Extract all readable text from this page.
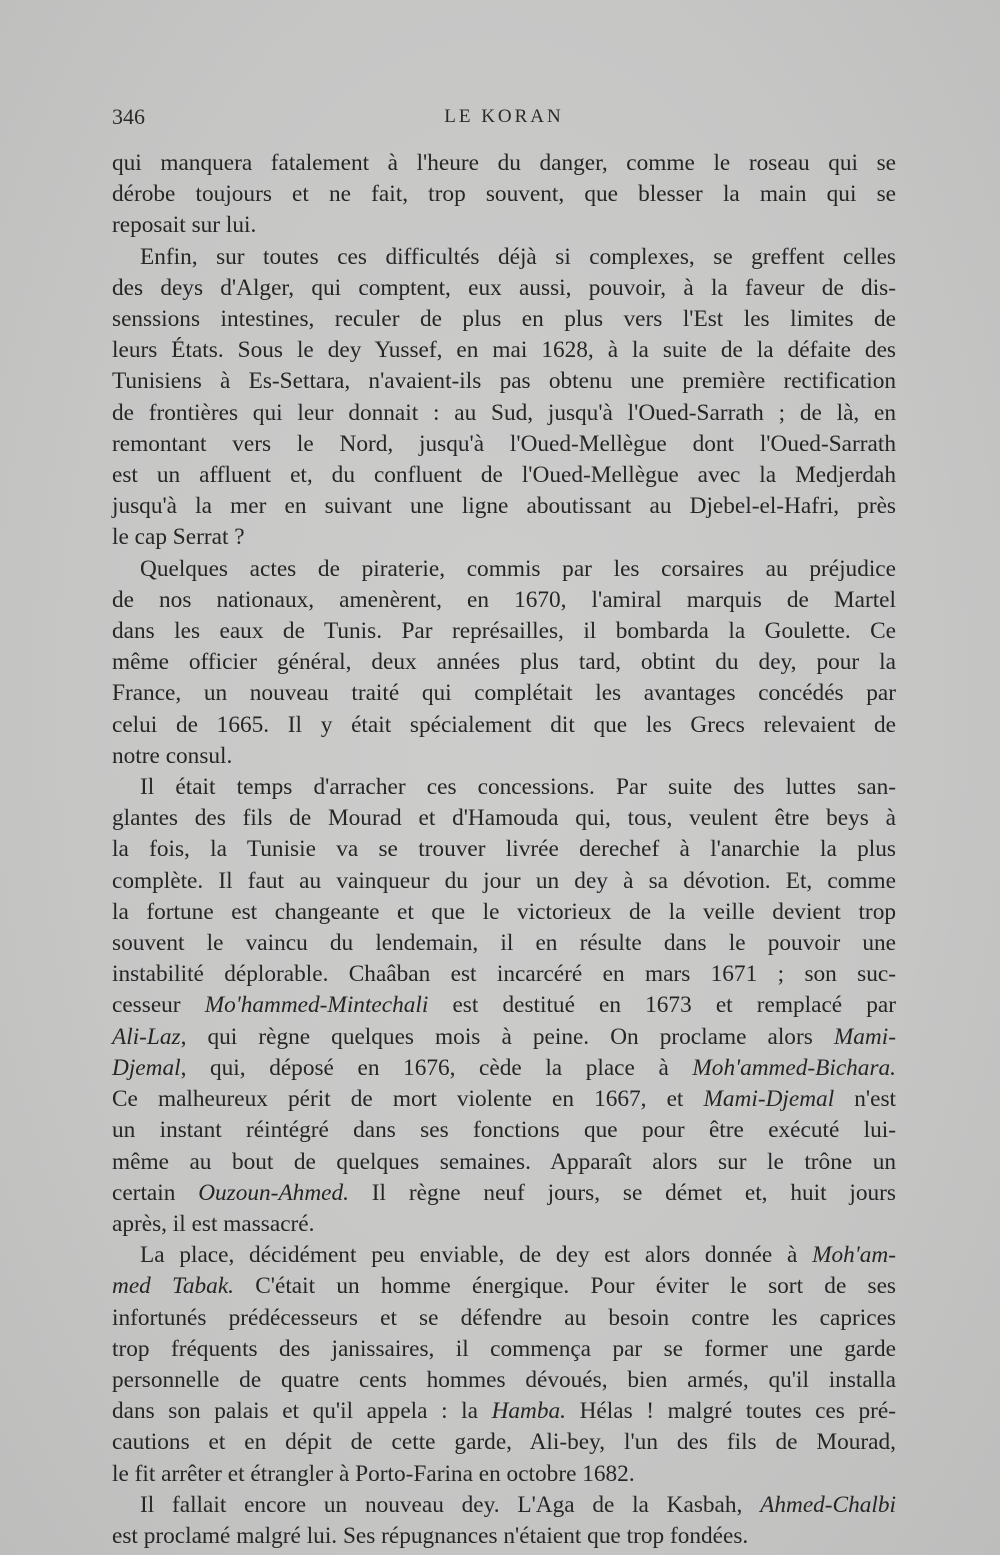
346	LE KORAN
qui manquera fatalement à l'heure du danger, comme le roseau qui se
dérobe toujours et ne fait, trop souvent, que blesser la main qui se
reposait sur lui.
Enfin, sur toutes ces difficultés déjà si complexes, se greffent celles
des deys d'Alger, qui comptent, eux aussi, pouvoir, à la faveur de dis-
senssions intestines, reculer de plus en plus vers l'Est les limites de
leurs États. Sous le dey Yussef, en mai 1628, à la suite de la défaite des
Tunisiens à Es-Settara, n'avaient-ils pas obtenu une première rectification
de frontières qui leur donnait : au Sud, jusqu'à l'Oued-Sarrath ; de là, en
remontant vers le Nord, jusqu'à l'Oued-Mellègue dont l'Oued-Sarrath
est un affluent et, du confluent de l'Oued-Mellègue avec la Medjerdah
jusqu'à la mer en suivant une ligne aboutissant au Djebel-el-Hafri, près
le cap Serrat ?
Quelques actes de piraterie, commis par les corsaires au préjudice
de nos nationaux, amenèrent, en 1670, l'amiral marquis de Martel
dans les eaux de Tunis. Par représailles, il bombarda la Goulette. Ce
même officier général, deux années plus tard, obtint du dey, pour la
France, un nouveau traité qui complétait les avantages concédés par
celui de 1665. Il y était spécialement dit que les Grecs relevaient de
notre consul.
Il était temps d'arracher ces concessions. Par suite des luttes san-
glantes des fils de Mourad et d'Hamouda qui, tous, veulent être beys à
la fois, la Tunisie va se trouver livrée derechef à l'anarchie la plus
complète. Il faut au vainqueur du jour un dey à sa dévotion. Et, comme
la fortune est changeante et que le victorieux de la veille devient trop
souvent le vaincu du lendemain, il en résulte dans le pouvoir une
instabilité déplorable. Chaâban est incarcéré en mars 1671 ; son suc-
cesseur Mo'hammed-Mintechali est destitué en 1673 et remplacé par
Ali-Laz, qui règne quelques mois à peine. On proclame alors Mami-
Djemal, qui, déposé en 1676, cède la place à Moh'ammed-Bichara.
Ce malheureux périt de mort violente en 1667, et Mami-Djemal n'est
un instant réintégré dans ses fonctions que pour être exécuté lui-
même au bout de quelques semaines. Apparaît alors sur le trône un
certain Ouzoun-Ahmed. Il règne neuf jours, se démet et, huit jours
après, il est massacré.
La place, décidément peu enviable, de dey est alors donnée à Moh'am-
med Tabak. C'était un homme énergique. Pour éviter le sort de ses
infortunés prédécesseurs et se défendre au besoin contre les caprices
trop fréquents des janissaires, il commença par se former une garde
personnelle de quatre cents hommes dévoués, bien armés, qu'il installa
dans son palais et qu'il appela : la Hamba. Hélas ! malgré toutes ces pré-
cautions et en dépit de cette garde, Ali-bey, l'un des fils de Mourad,
le fit arrêter et étrangler à Porto-Farina en octobre 1682.
Il fallait encore un nouveau dey. L'Aga de la Kasbah, Ahmed-Chalbi
est proclamé malgré lui. Ses répugnances n'étaient que trop fondées.
